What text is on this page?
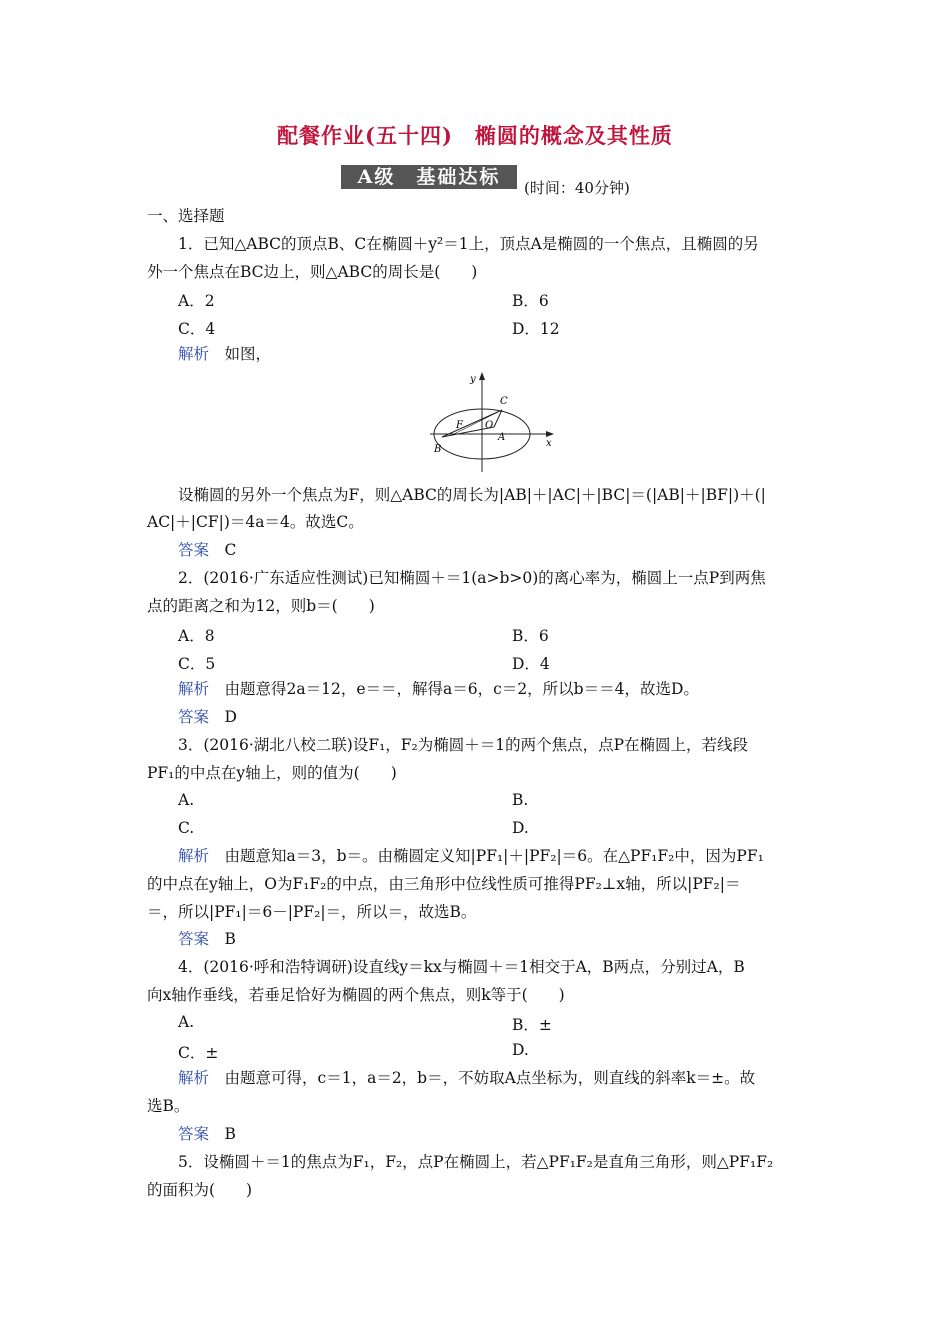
配餐作业(五十四)　椭圆的概念及其性质
A级　基础达标	(时间：40分钟)
一、选择题
1．已知△ABC的顶点B、C在椭圆＋y²＝1上，顶点A是椭圆的一个焦点，且椭圆的另
外一个焦点在BC边上，则△ABC的周长是(　　)
A．2	B．6
C．4	D．12
解析　 如图，
y
x
C
F O
A
B
设椭圆的另外一个焦点为F，则△ABC的周长为|AB|＋|AC|＋|BC|＝(|AB|＋|BF|)＋(|
AC|＋|CF|)＝4a＝4。故选C。
答案　 C
2．(2016·广东适应性测试)已知椭圆＋＝1(a>b>0)的离心率为，椭圆上一点P到两焦
点的距离之和为12，则b＝(　　)
A．8	B．6
C．5	D．4
解析　 由题意得2a＝12，e＝＝，解得a＝6，c＝2，所以b＝＝4，故选D。
答案　 D
3．(2016·湖北八校二联)设F₁，F₂为椭圆＋＝1的两个焦点，点P在椭圆上，若线段
PF₁的中点在y轴上，则的值为(　　)
A.	B.
C.	D.
解析　 由题意知a＝3，b＝。由椭圆定义知|PF₁|＋|PF₂|＝6。在△PF₁F₂中，因为PF₁
的中点在y轴上，O为F₁F₂的中点，由三角形中位线性质可推得PF₂⊥x轴，所以|PF₂|＝
＝，所以|PF₁|＝6－|PF₂|＝，所以＝，故选B。
答案　 B
4．(2016·呼和浩特调研)设直线y＝kx与椭圆＋＝1相交于A，B两点，分别过A，B
向x轴作垂线，若垂足恰好为椭圆的两个焦点，则k等于(　　)
A.	B．±
C．±	D.
解析　 由题意可得，c＝1，a＝2，b＝，不妨取A点坐标为，则直线的斜率k＝±。故
选B。
答案　 B
5．设椭圆＋＝1的焦点为F₁，F₂，点P在椭圆上，若△PF₁F₂是直角三角形，则△PF₁F₂
的面积为(　　)
